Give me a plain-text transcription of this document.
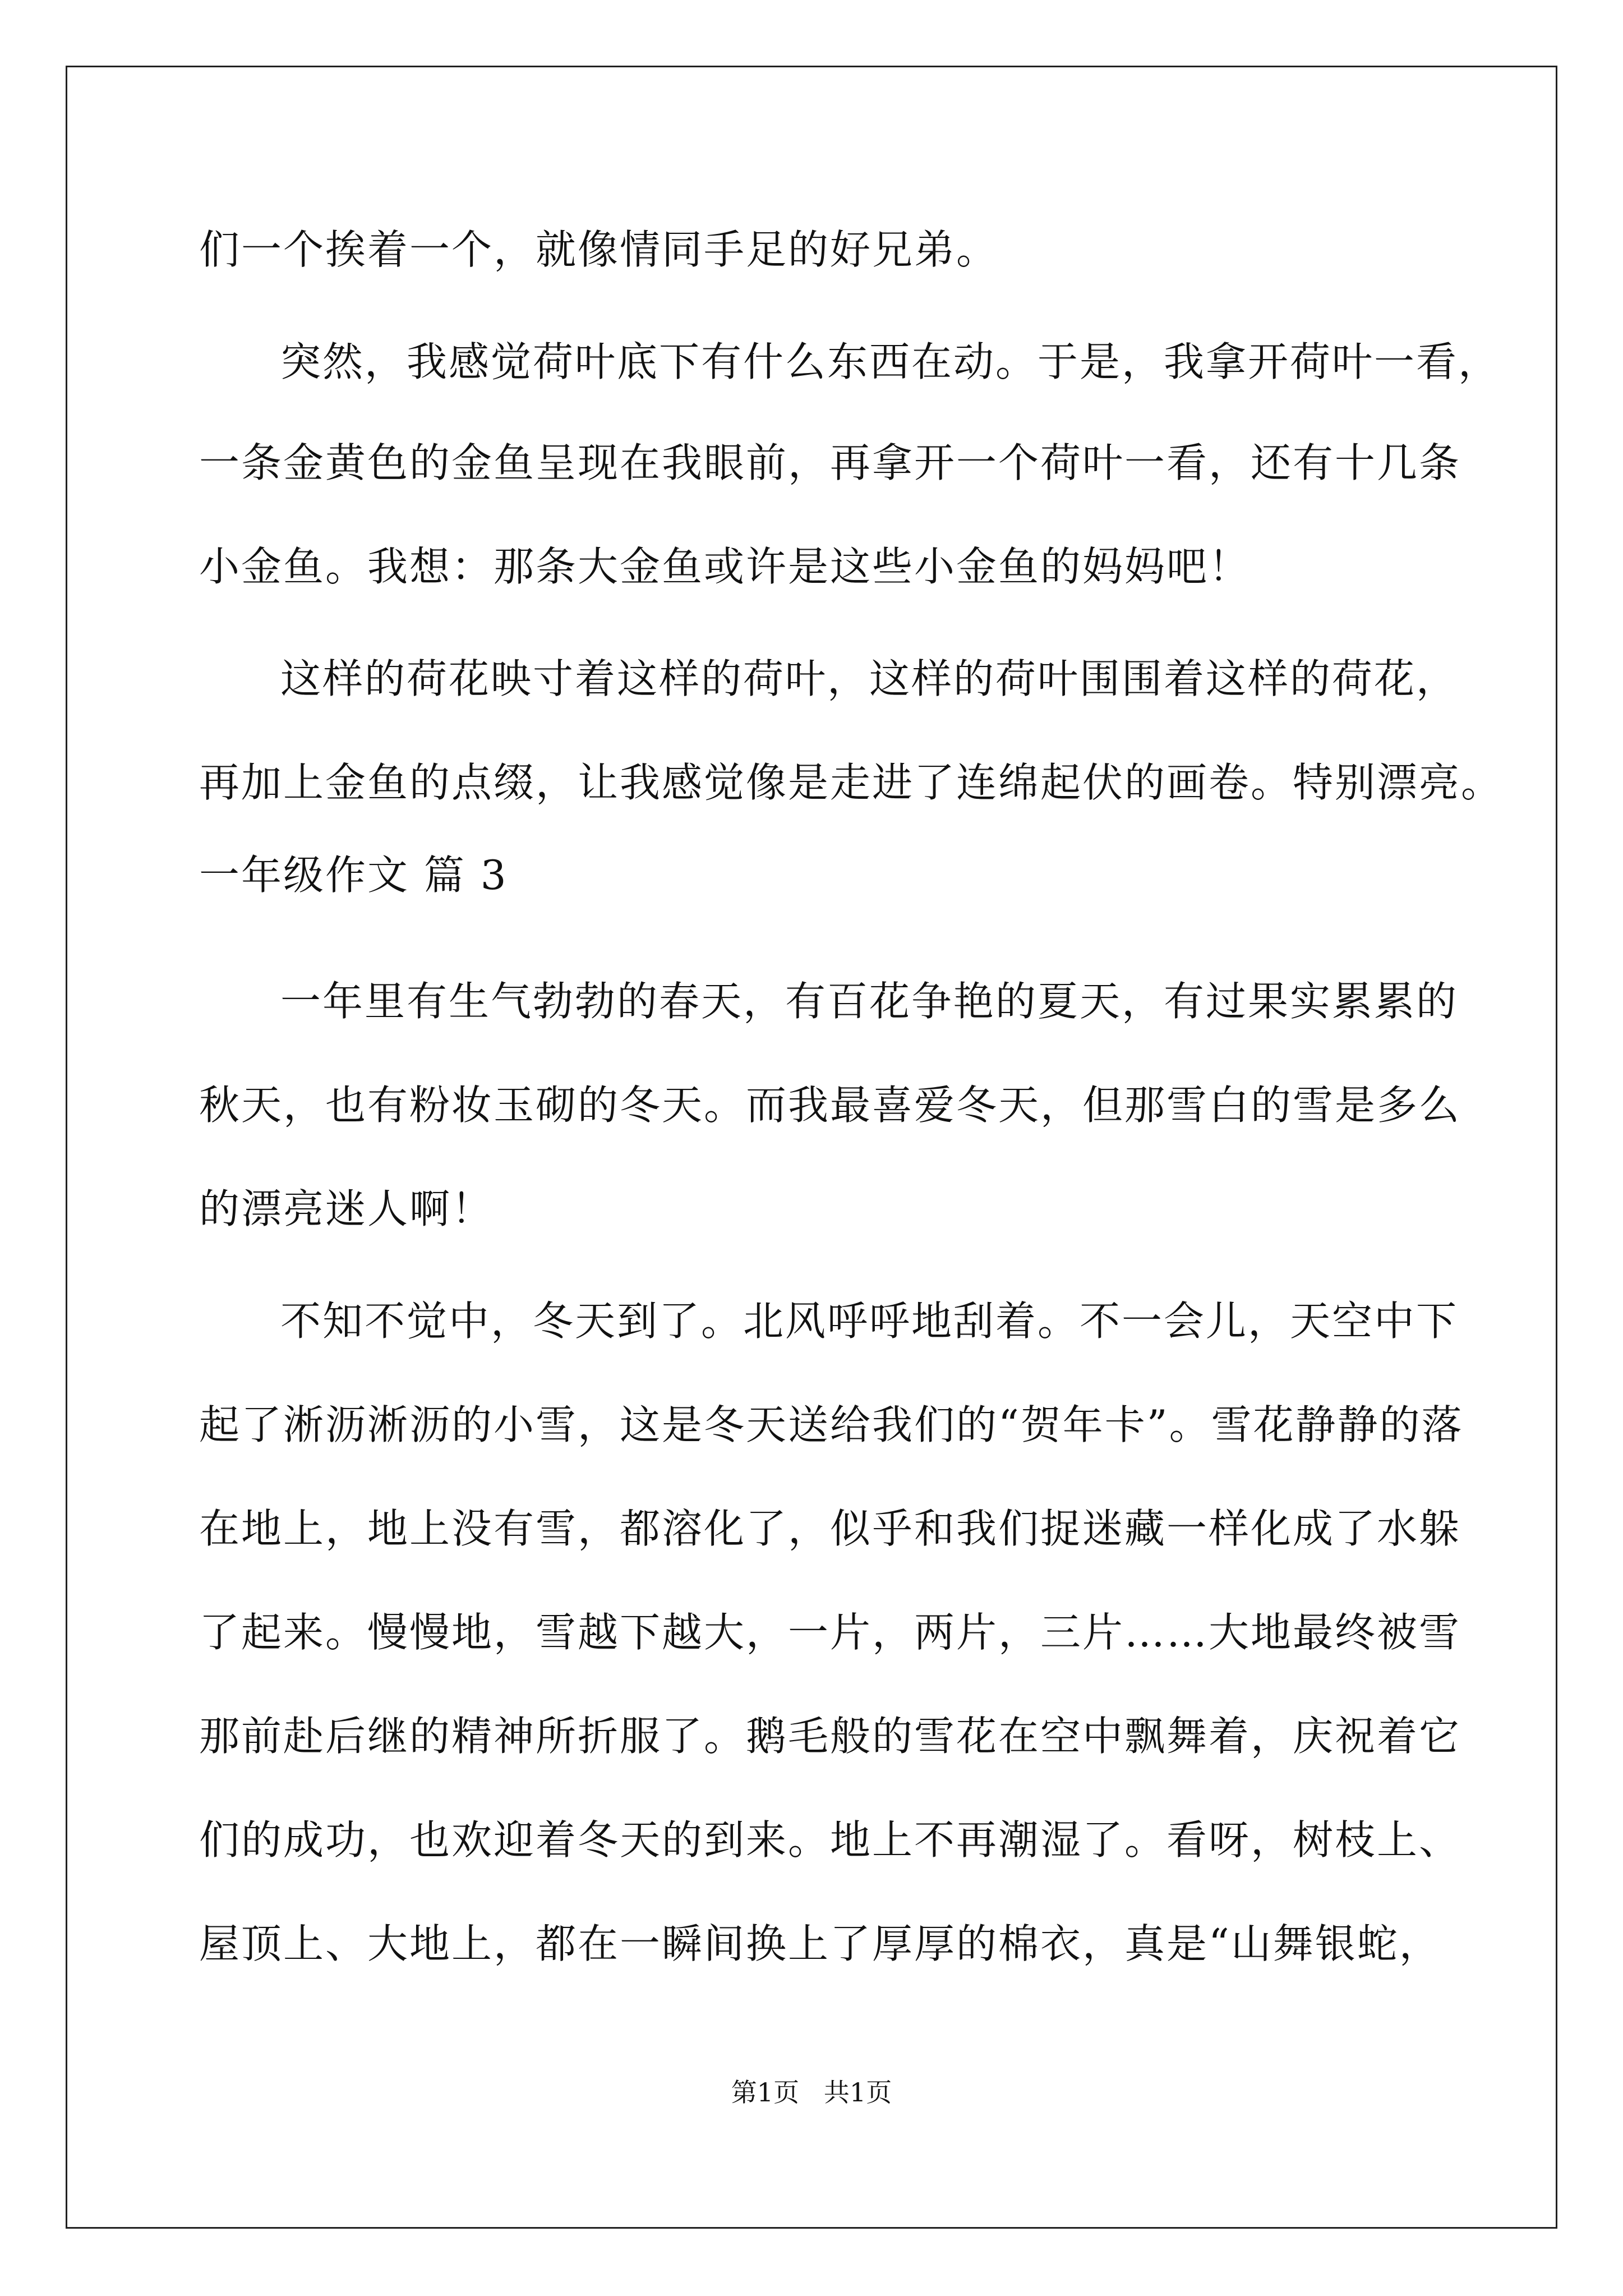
们一个挨着一个，就像情同手足的好兄弟。
突然，我感觉荷叶底下有什么东西在动。于是，我拿开荷叶一看，
一条金黄色的金鱼呈现在我眼前，再拿开一个荷叶一看，还有十几条
小金鱼。我想：那条大金鱼或许是这些小金鱼的妈妈吧！
这样的荷花映寸着这样的荷叶，这样的荷叶围围着这样的荷花，
再加上金鱼的点缀，让我感觉像是走进了连绵起伏的画卷。特别漂亮。
一年级作文 篇 3
一年里有生气勃勃的春天，有百花争艳的夏天，有过果实累累的
秋天，也有粉妆玉砌的冬天。而我最喜爱冬天，但那雪白的雪是多么
的漂亮迷人啊！
不知不觉中，冬天到了。北风呼呼地刮着。不一会儿，天空中下
起了淅沥淅沥的小雪，这是冬天送给我们的“贺年卡”。雪花静静的落
在地上，地上没有雪，都溶化了，似乎和我们捉迷藏一样化成了水躲
了起来。慢慢地，雪越下越大，一片，两片，三片……大地最终被雪
那前赴后继的精神所折服了。鹅毛般的雪花在空中飘舞着，庆祝着它
们的成功，也欢迎着冬天的到来。地上不再潮湿了。看呀，树枝上、
屋顶上、大地上，都在一瞬间换上了厚厚的棉衣，真是“山舞银蛇，
第1页   共1页
